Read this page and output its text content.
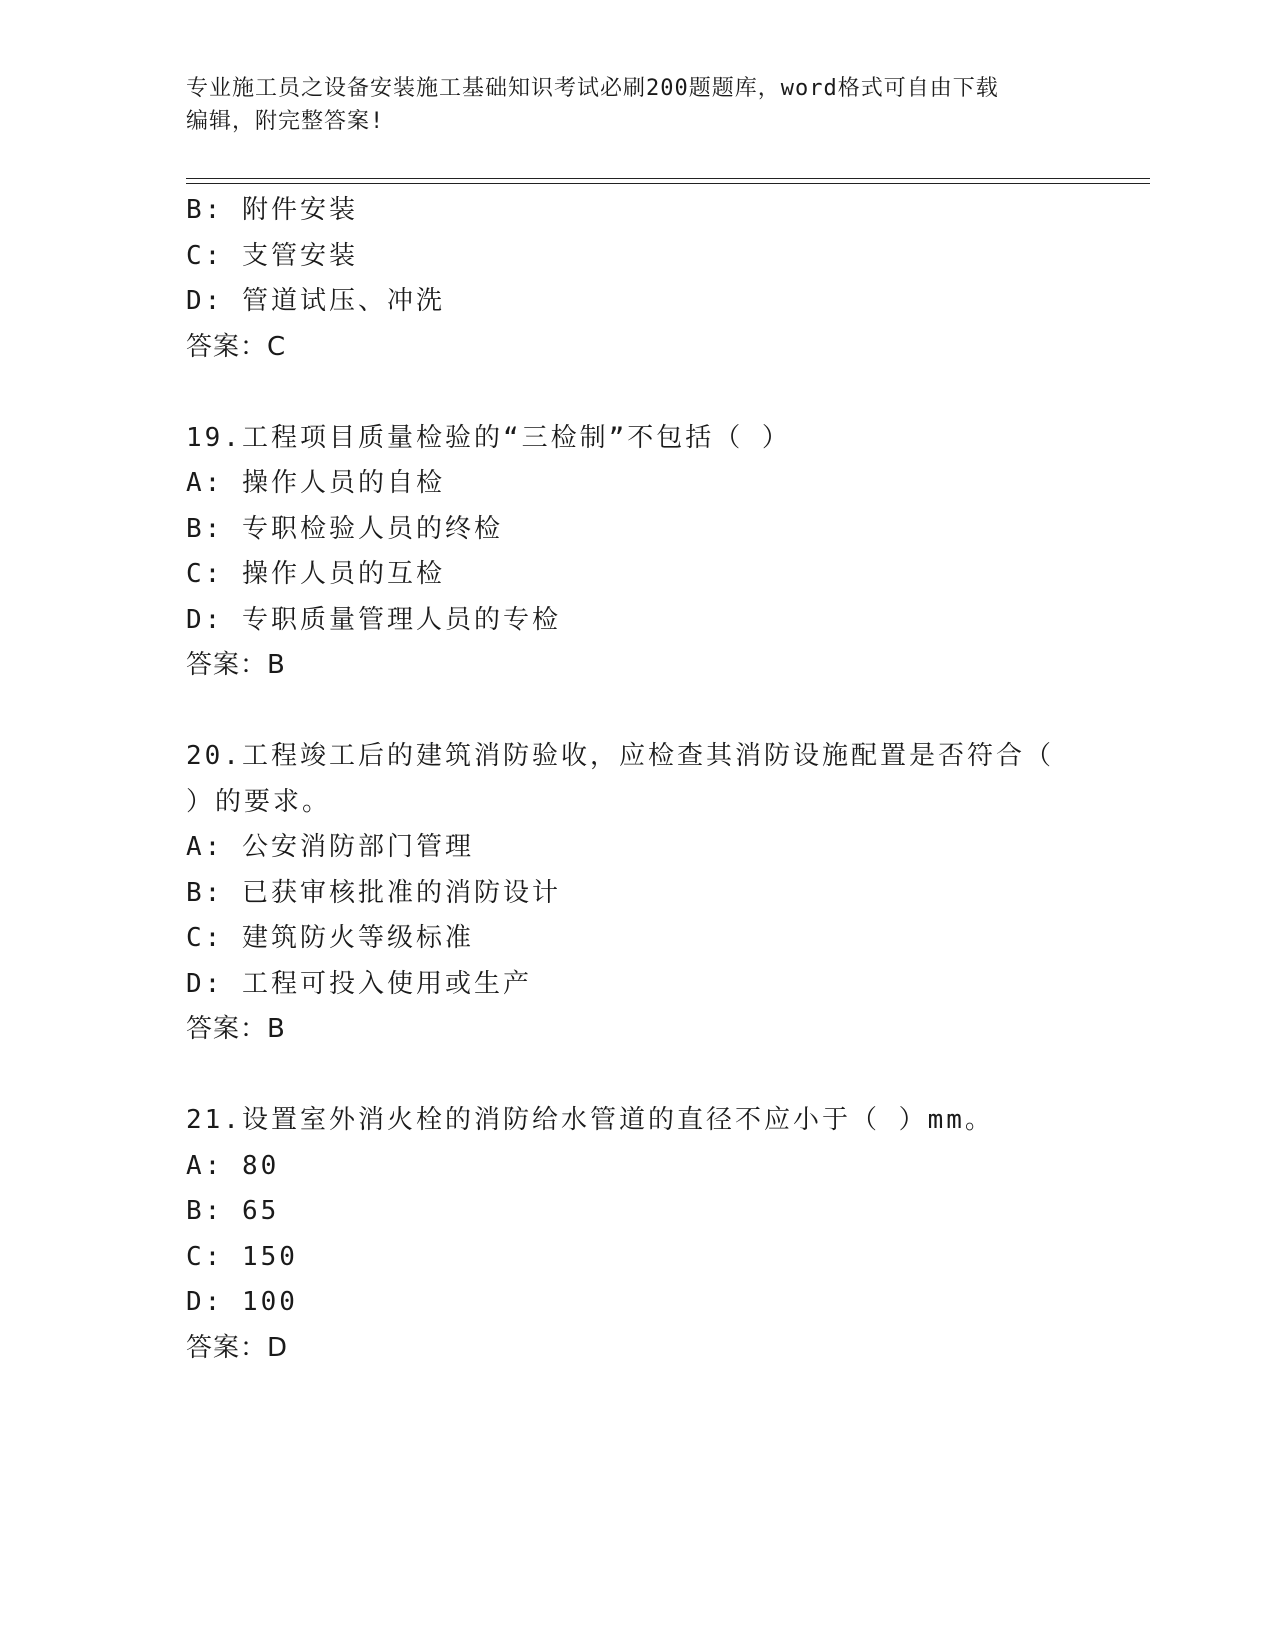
专业施工员之设备安装施工基础知识考试必刷200题题库，word格式可自由下载
编辑，附完整答案!
B: 附件安装
C: 支管安装
D: 管道试压、冲洗
答案：C
19.工程项目质量检验的“三检制”不包括（ ）
A: 操作人员的自检
B: 专职检验人员的终检
C: 操作人员的互检
D: 专职质量管理人员的专检
答案：B
20.工程竣工后的建筑消防验收，应检查其消防设施配置是否符合（
）的要求。
A: 公安消防部门管理
B: 已获审核批准的消防设计
C: 建筑防火等级标准
D: 工程可投入使用或生产
答案：B
21.设置室外消火栓的消防给水管道的直径不应小于（ ）mm。
A: 80
B: 65
C: 150
D: 100
答案：D
